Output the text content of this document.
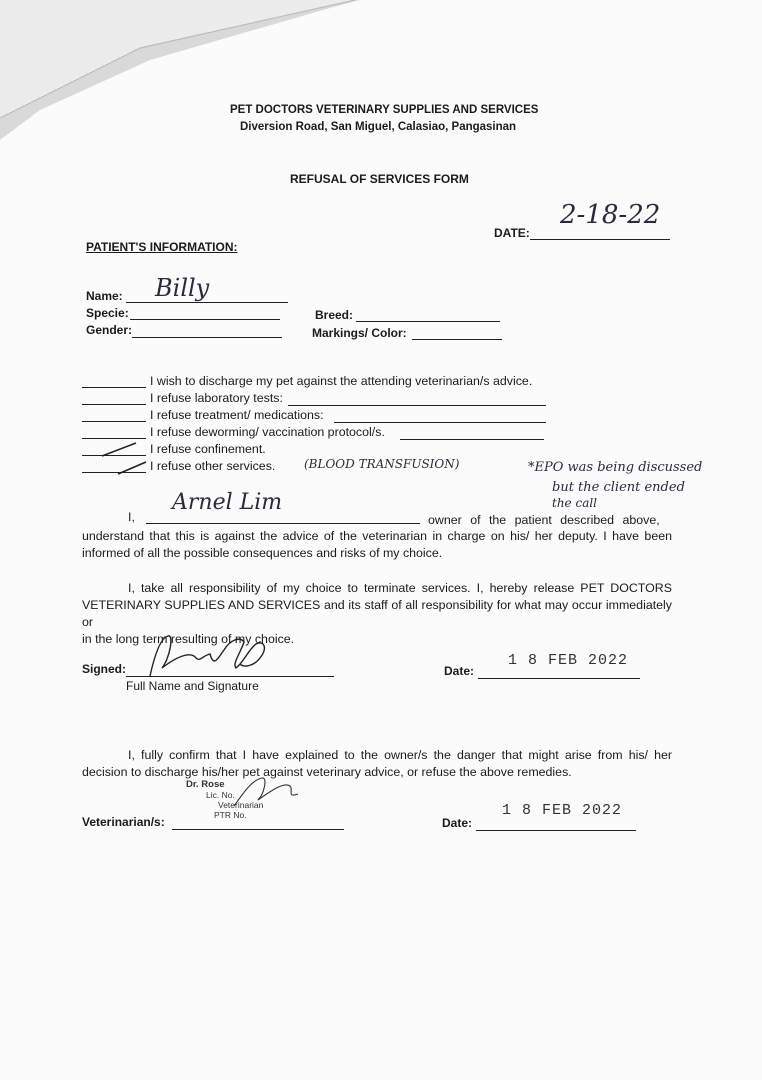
PET DOCTORS VETERINARY SUPPLIES AND SERVICES
Diversion Road, San Miguel, Calasiao, Pangasinan
REFUSAL OF SERVICES FORM
DATE:
2-18-22
PATIENT'S INFORMATION:
Name: Billy
Specie:
Gender:
Breed:
Markings/ Color:
I wish to discharge my pet against the attending veterinarian/s advice.
I refuse laboratory tests:
I refuse treatment/ medications:
I refuse deworming/ vaccination protocol/s.
I refuse confinement.
I refuse other services. (BLOOD TRANSFUSION)	*EPO was being discussed
but the client ended
the call
I,
Arnel Lim
owner of the patient described above,
understand that this is against the advice of the veterinarian in charge on his/ her deputy. I have been
informed of all the possible consequences and risks of my choice.
I, take all responsibility of my choice to terminate services. I, hereby release PET DOCTORS
VETERINARY SUPPLIES AND SERVICES and its staff of all responsibility for what may occur immediately or
in the long term resulting of my choice.
Signed:
Full Name and Signature
Date:
1 8 FEB 2022
I, fully confirm that I have explained to the owner/s the danger that might arise from his/ her
decision to discharge his/her pet against veterinary advice, or refuse the above remedies.
Dr. Rose
Lic. No.
Veterinarian
PTR No.
Veterinarian/s:	Date:
1 8 FEB 2022
